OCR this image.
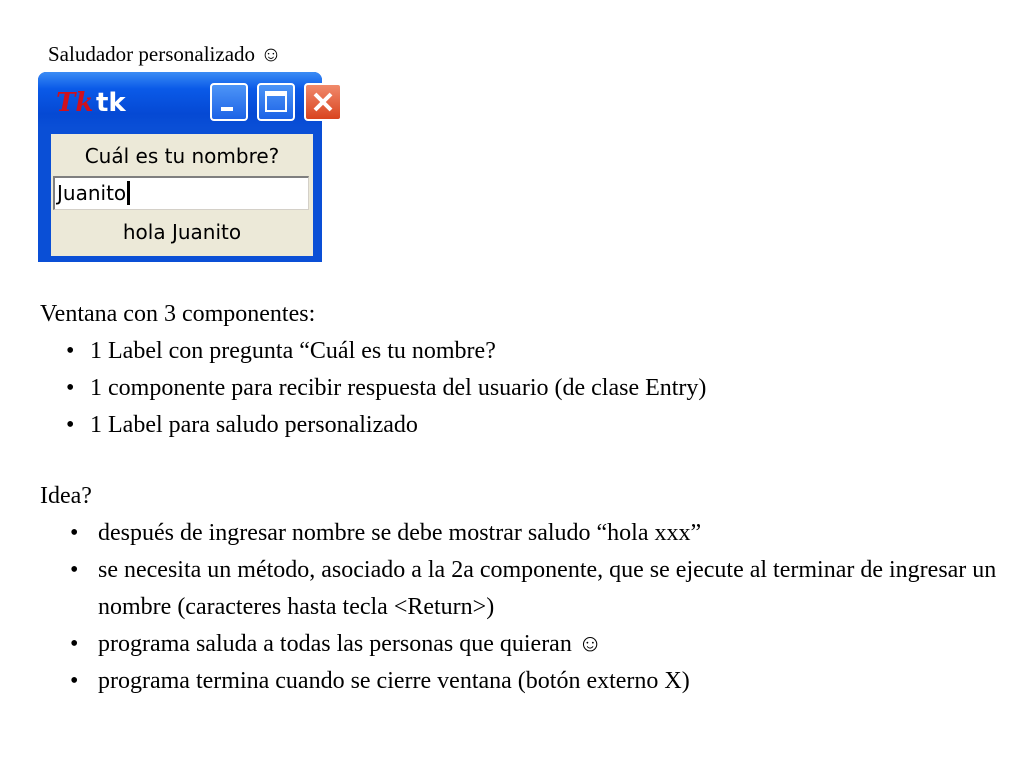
Saludador personalizado ☺
Tk tk
Cuál es tu nombre?
Juanito
hola Juanito
Ventana con 3 componentes:
• 1 Label con pregunta “Cuál es tu nombre?
• 1 componente para recibir respuesta del usuario (de clase Entry)
• 1 Label para saludo personalizado
Idea?
• después de ingresar nombre se debe mostrar saludo “hola xxx”
• se necesita un método, asociado a la 2a componente, que se ejecute al terminar de ingresar un nombre (caracteres hasta tecla <Return>)
• programa saluda a todas las personas que quieran ☺
• programa termina cuando se cierre ventana (botón externo X)
